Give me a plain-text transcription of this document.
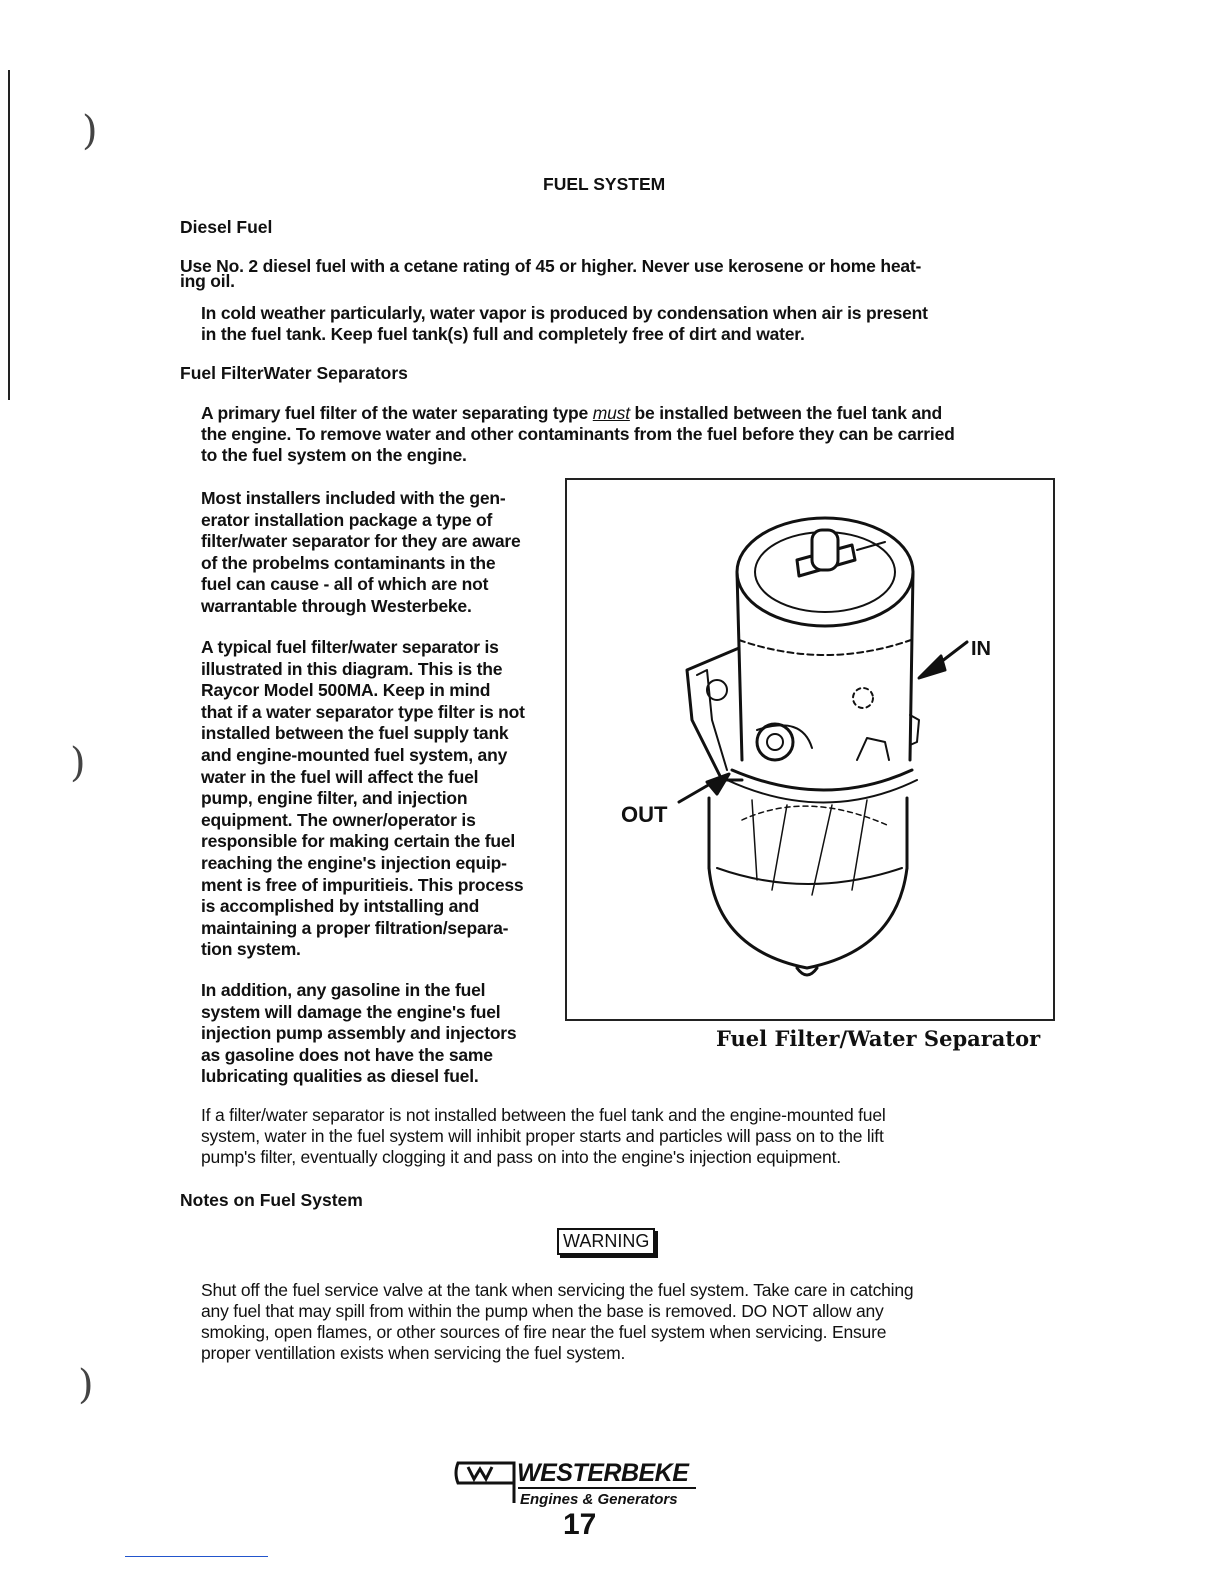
)
)
)
FUEL SYSTEM
Diesel Fuel
Use No. 2 diesel fuel with a cetane rating of 45 or higher. Never use kerosene or home heat-
ing oil.
In cold weather particularly, water vapor is produced by condensation when air is present
in the fuel tank. Keep fuel tank(s) full and completely free of dirt and water.
Fuel FilterWater Separators
A primary fuel filter of the water separating type must be installed between the fuel tank and
the engine. To remove water and other contaminants from the fuel before they can be carried
to the fuel system on the engine.
Most installers included with the gen-
erator installation package a type of
filter/water separator for they are aware
of the probelms contaminants in the
fuel can cause - all of which are not
warrantable through Westerbeke.
A typical fuel filter/water separator is
illustrated in this diagram. This is the
Raycor Model 500MA. Keep in mind
that if a water separator type filter is not
installed between the fuel supply tank
and engine-mounted fuel system, any
water in the fuel will affect the fuel
pump, engine filter, and injection
equipment. The owner/operator is
responsible for making certain the fuel
reaching the engine's injection equip-
ment is free of impuritieis. This process
is accomplished by intstalling and
maintaining a proper filtration/separa-
tion system.
In addition, any gasoline in the fuel
system will damage the engine's fuel
injection pump assembly and injectors
as gasoline does not have the same
lubricating qualities as diesel fuel.
IN
OUT
Fuel Filter/Water Separator
If a filter/water separator is not installed between the fuel tank and the engine-mounted fuel
system, water in the fuel system will inhibit proper starts and particles will pass on to the lift
pump's filter, eventually clogging it and pass on into the engine's injection equipment.
Notes on Fuel System
WARNING
Shut off the fuel service valve at the tank when servicing the fuel system. Take care in catching
any fuel that may spill from within the pump when the base is removed. DO NOT allow any
smoking, open flames, or other sources of fire near the fuel system when servicing. Ensure
proper ventillation exists when servicing the fuel system.
WESTERBEKE
Engines & Generators
17
